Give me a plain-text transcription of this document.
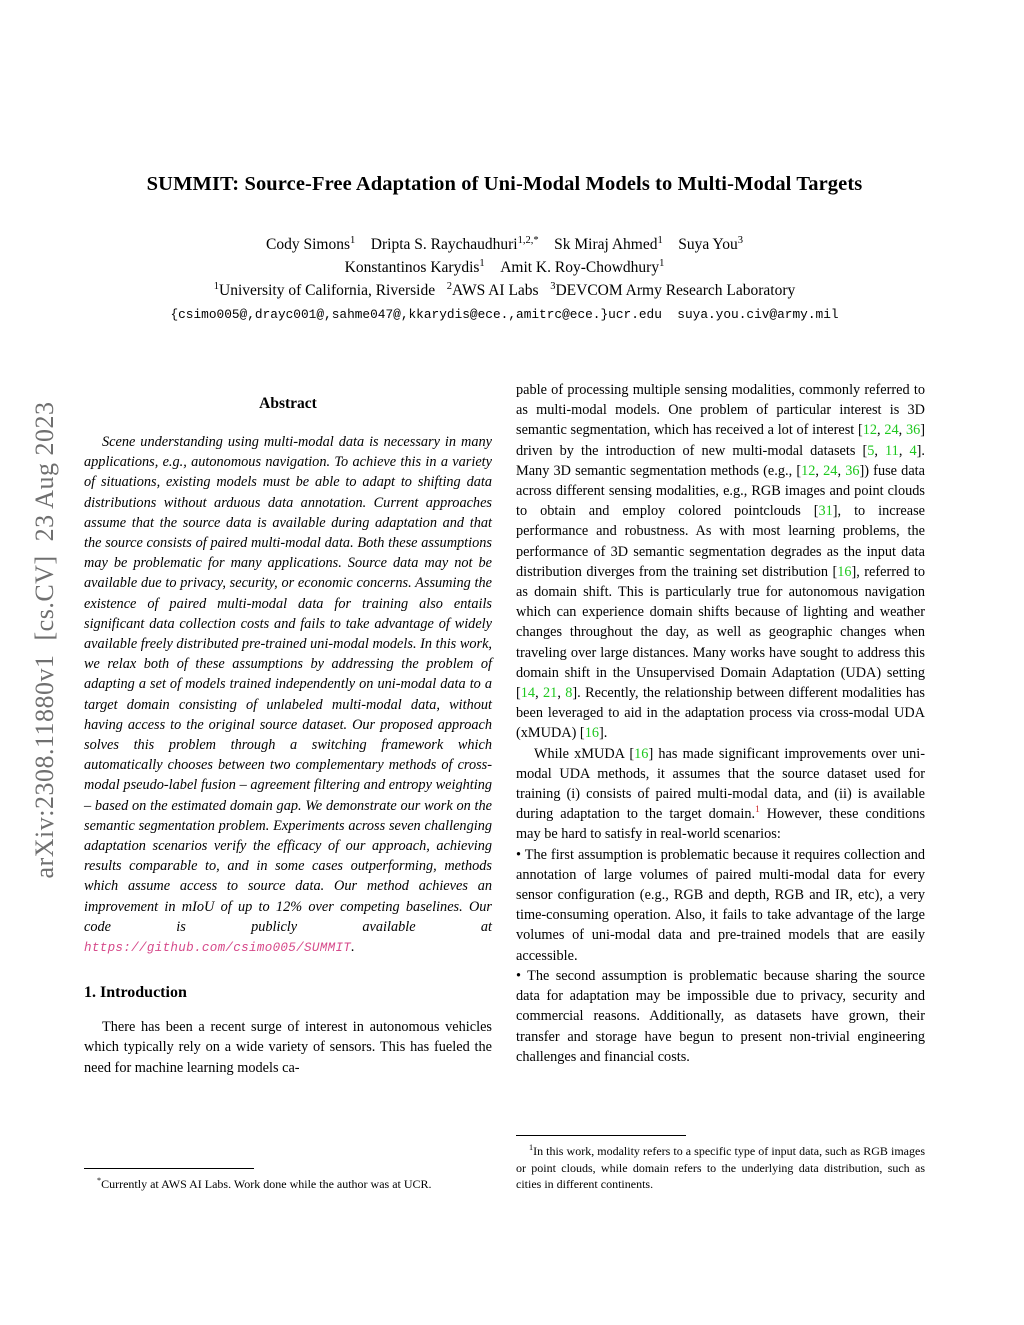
arXiv:2308.11880v1  [cs.CV]  23 Aug 2023
SUMMIT: Source-Free Adaptation of Uni-Modal Models to Multi-Modal Targets
Cody Simons$^1$ Dripta S. Raychaudhuri$^{1,2,*}$ Sk Miraj Ahmed$^1$ Suya You$^3$
Konstantinos Karydis$^1$ Amit K. Roy-Chowdhury$^1$
$^1$University of California, Riverside $^2$AWS AI Labs $^3$DEVCOM Army Research Laboratory
{csimo005@,drayc001@,sahme047@,kkarydis@ece.,amitrc@ece.}ucr.edu suya.you.civ@army.mil
Abstract
Scene understanding using multi-modal data is necessary in many applications, e.g., autonomous navigation. To achieve this in a variety of situations, existing models must be able to adapt to shifting data distributions without arduous data annotation. Current approaches assume that the source data is available during adaptation and that the source consists of paired multi-modal data. Both these assumptions may be problematic for many applications. Source data may not be available due to privacy, security, or economic concerns. Assuming the existence of paired multi-modal data for training also entails significant data collection costs and fails to take advantage of widely available freely distributed pre-trained uni-modal models. In this work, we relax both of these assumptions by addressing the problem of adapting a set of models trained independently on uni-modal data to a target domain consisting of unlabeled multi-modal data, without having access to the original source dataset. Our proposed approach solves this problem through a switching framework which automatically chooses between two complementary methods of cross-modal pseudo-label fusion – agreement filtering and entropy weighting – based on the estimated domain gap. We demonstrate our work on the semantic segmentation problem. Experiments across seven challenging adaptation scenarios verify the efficacy of our approach, achieving results comparable to, and in some cases outperforming, methods which assume access to source data. Our method achieves an improvement in mIoU of up to 12% over competing baselines. Our code is publicly available at https://github.com/csimo005/SUMMIT.
1. Introduction
There has been a recent surge of interest in autonomous vehicles which typically rely on a wide variety of sensors. This has fueled the need for machine learning models ca-
*Currently at AWS AI Labs. Work done while the author was at UCR.
pable of processing multiple sensing modalities, commonly referred to as multi-modal models. One problem of particular interest is 3D semantic segmentation, which has received a lot of interest [12, 24, 36] driven by the introduction of new multi-modal datasets [5, 11, 4]. Many 3D semantic segmentation methods (e.g., [12, 24, 36]) fuse data across different sensing modalities, e.g., RGB images and point clouds to obtain and employ colored pointclouds [31], to increase performance and robustness. As with most learning problems, the performance of 3D semantic segmentation degrades as the input data distribution diverges from the training set distribution [16], referred to as domain shift. This is particularly true for autonomous navigation which can experience domain shifts because of lighting and weather changes throughout the day, as well as geographic changes when traveling over large distances. Many works have sought to address this domain shift in the Unsupervised Domain Adaptation (UDA) setting [14, 21, 8]. Recently, the relationship between different modalities has been leveraged to aid in the adaptation process via cross-modal UDA (xMUDA) [16].
While xMUDA [16] has made significant improvements over uni-modal UDA methods, it assumes that the source dataset used for training (i) consists of paired multi-modal data, and (ii) is available during adaptation to the target domain.$^1$ However, these conditions may be hard to satisfy in real-world scenarios:
• The first assumption is problematic because it requires collection and annotation of large volumes of paired multi-modal data for every sensor configuration (e.g., RGB and depth, RGB and IR, etc), a very time-consuming operation. Also, it fails to take advantage of the large volumes of uni-modal data and pre-trained models that are easily accessible.
• The second assumption is problematic because sharing the source data for adaptation may be impossible due to privacy, security and commercial reasons. Additionally, as datasets have grown, their transfer and storage have begun to present non-trivial engineering challenges and financial costs.
$^1$In this work, modality refers to a specific type of input data, such as RGB images or point clouds, while domain refers to the underlying data distribution, such as cities in different continents.
